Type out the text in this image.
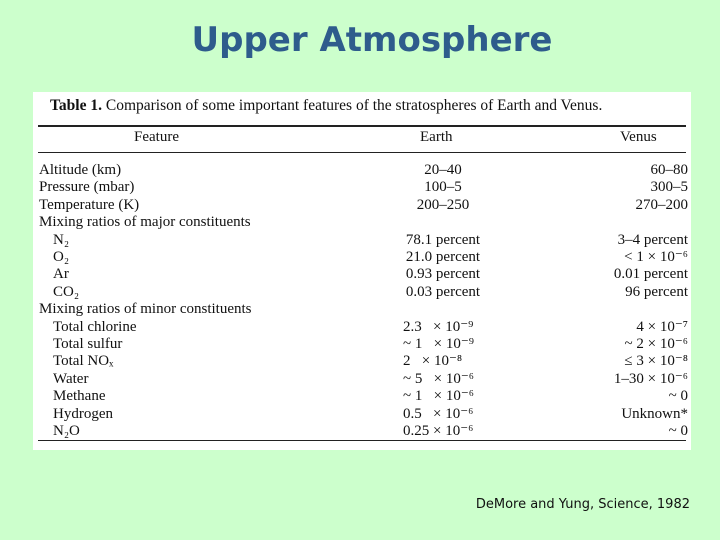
Upper Atmosphere
Table 1. Comparison of some important features of the stratospheres of Earth and Venus.
Feature	Earth	Venus
Altitude (km)	20–40	60–80
Pressure (mbar)	100–5	300–5
Temperature (K)	200–250	270–200
Mixing ratios of major constituents
N₂	78.1 percent	3–4 percent
O₂	21.0 percent	< 1 × 10⁻⁶
Ar	0.93 percent	0.01 percent
CO₂	0.03 percent	96 percent
Mixing ratios of minor constituents
Total chlorine	2.3   × 10⁻⁹	4 × 10⁻⁷
Total sulfur	~ 1   × 10⁻⁹	~ 2 × 10⁻⁶
Total NOₓ	2   × 10⁻⁸	≤ 3 × 10⁻⁸
Water	~ 5   × 10⁻⁶	1–30 × 10⁻⁶
Methane	~ 1   × 10⁻⁶	~ 0
Hydrogen	0.5   × 10⁻⁶	Unknown*
N₂O	0.25 × 10⁻⁶	~ 0
DeMore and Yung, Science, 1982
